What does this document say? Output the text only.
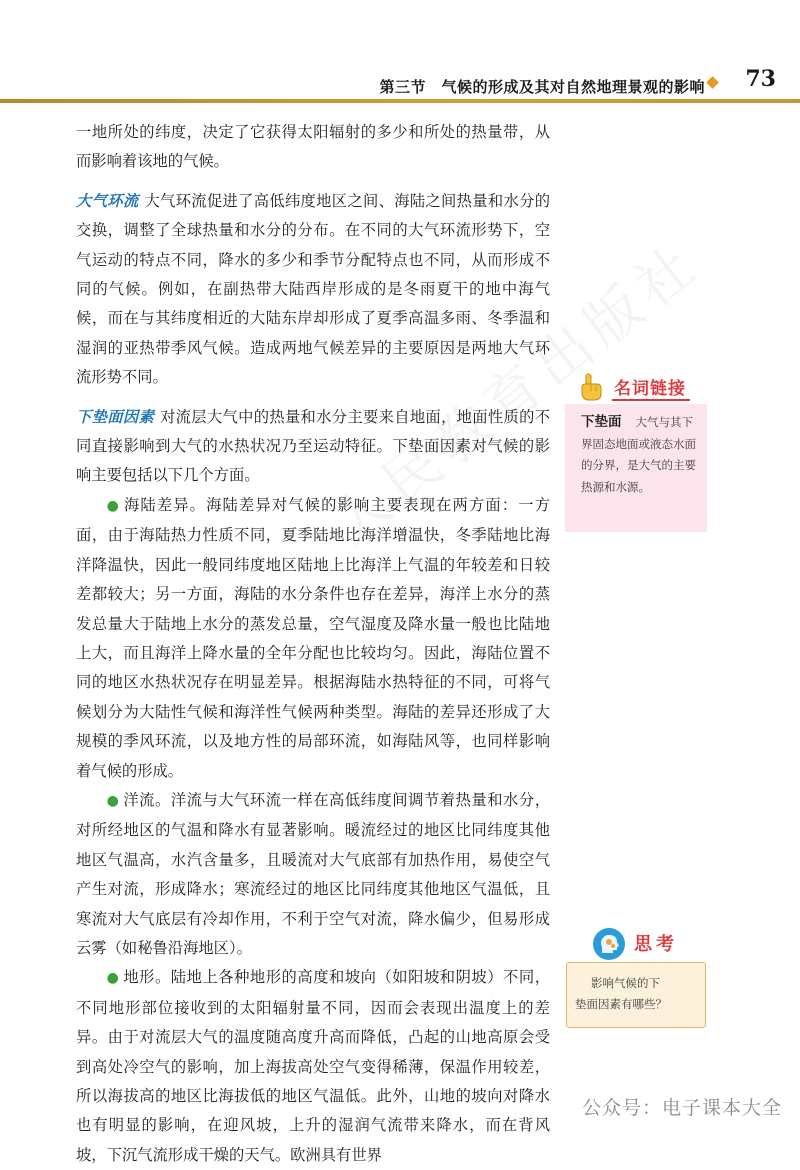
第三节　气候的形成及其对自然地理景观的影响 73

一地所处的纬度，决定了它获得太阳辐射的多少和所处的热量带，从而影响着该地的气候。

大气环流 大气环流促进了高低纬度地区之间、海陆之间热量和水分的交换，调整了全球热量和水分的分布。在不同的大气环流形势下，空气运动的特点不同，降水的多少和季节分配特点也不同，从而形成不同的气候。例如，在副热带大陆西岸形成的是冬雨夏干的地中海气候，而在与其纬度相近的大陆东岸却形成了夏季高温多雨、冬季温和湿润的亚热带季风气候。造成两地气候差异的主要原因是两地大气环流形势不同。

下垫面因素 对流层大气中的热量和水分主要来自地面，地面性质的不同直接影响到大气的水热状况乃至运动特征。下垫面因素对气候的影响主要包括以下几个方面。

● 海陆差异。海陆差异对气候的影响主要表现在两方面：一方面，由于海陆热力性质不同，夏季陆地比海洋增温快，冬季陆地比海洋降温快，因此一般同纬度地区陆地上比海洋上气温的年较差和日较差都较大；另一方面，海陆的水分条件也存在差异，海洋上水分的蒸发总量大于陆地上水分的蒸发总量，空气湿度及降水量一般也比陆地上大，而且海洋上降水量的全年分配也比较均匀。因此，海陆位置不同的地区水热状况存在明显差异。根据海陆水热特征的不同，可将气候划分为大陆性气候和海洋性气候两种类型。海陆的差异还形成了大规模的季风环流，以及地方性的局部环流，如海陆风等，也同样影响着气候的形成。

● 洋流。洋流与大气环流一样在高低纬度间调节着热量和水分，对所经地区的气温和降水有显著影响。暖流经过的地区比同纬度其他地区气温高，水汽含量多，且暖流对大气底部有加热作用，易使空气产生对流，形成降水；寒流经过的地区比同纬度其他地区气温低，且寒流对大气底层有冷却作用，不利于空气对流，降水偏少，但易形成云雾（如秘鲁沿海地区）。

● 地形。陆地上各种地形的高度和坡向（如阳坡和阴坡）不同，不同地形部位接收到的太阳辐射量不同，因而会表现出温度上的差异。由于对流层大气的温度随高度升高而降低，凸起的山地高原会受到高处冷空气的影响，加上海拔高处空气变得稀薄，保温作用较差，所以海拔高的地区比海拔低的地区气温低。此外，山地的坡向对降水也有明显的影响，在迎风坡，上升的湿润气流带来降水，而在背风坡，下沉气流形成干燥的天气。欧洲具有世界

名词链接
下垫面 大气与其下界固态地面或液态水面的分界，是大气的主要热源和水源。
思考

影响气候的下

垫面因素有哪些？

公众号：电子课本大全
